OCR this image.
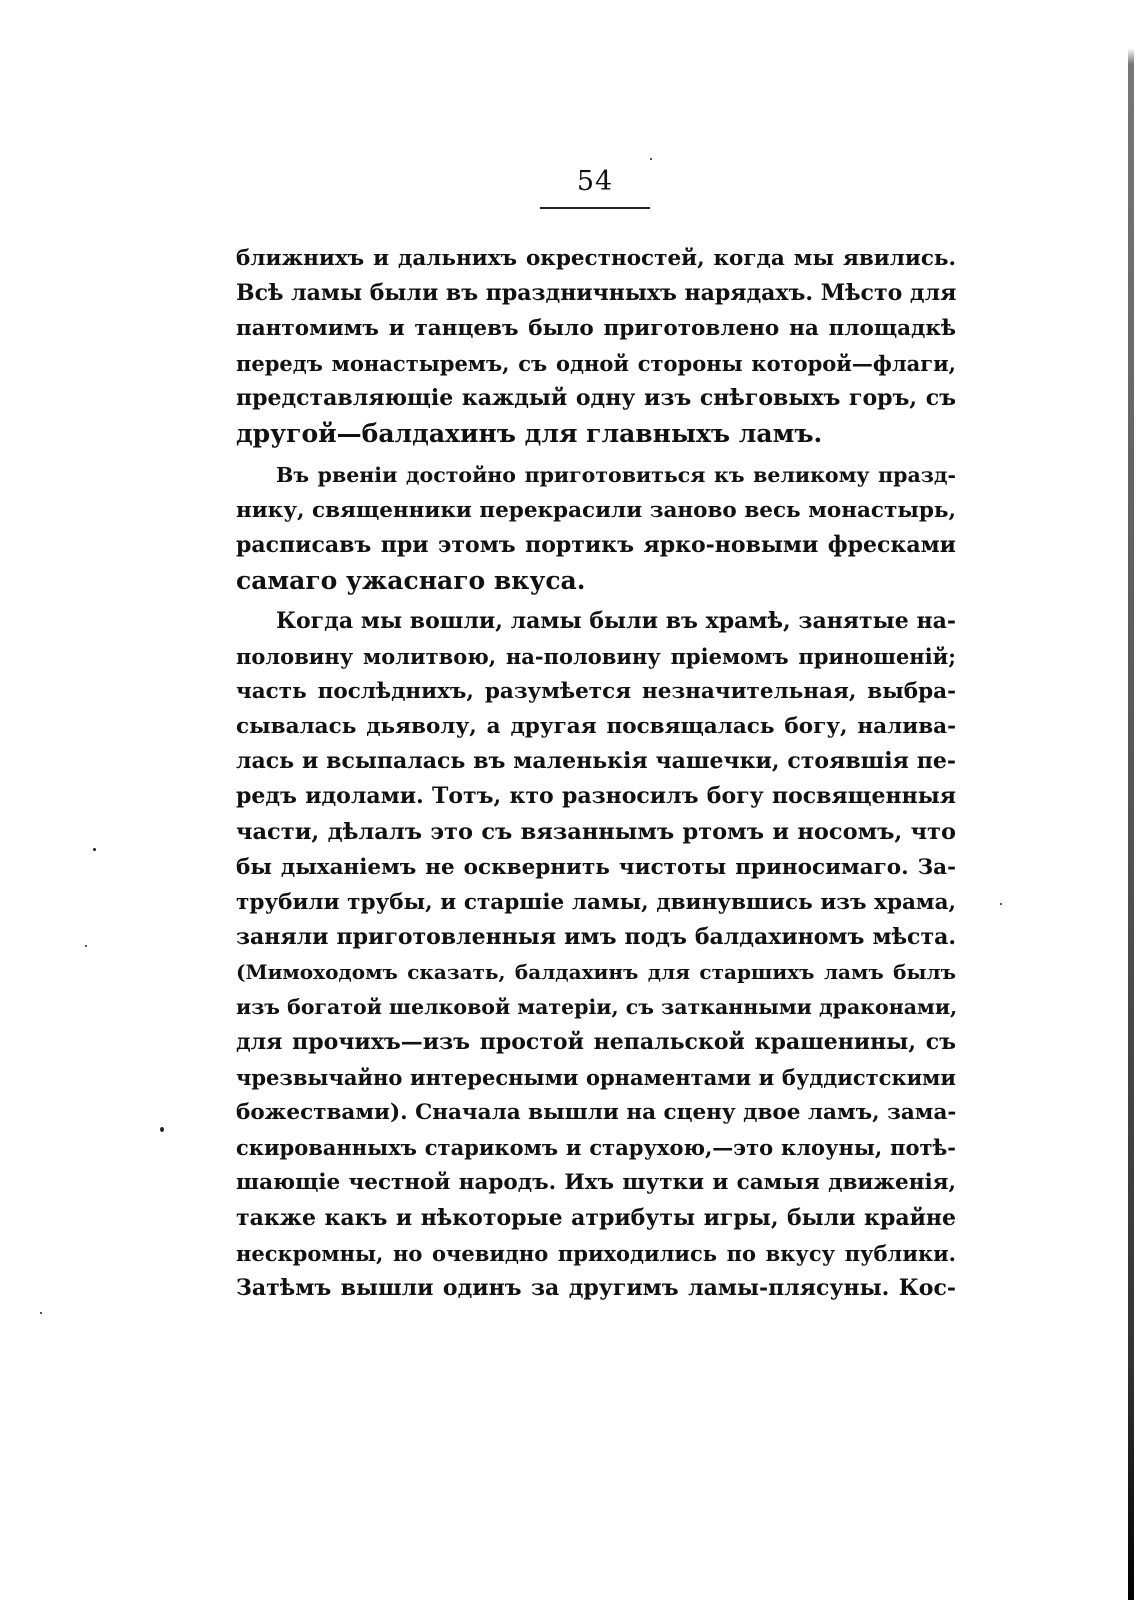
54
ближнихъ и дальнихъ окрестностей, когда мы явились.
Всѣ ламы были въ праздничныхъ нарядахъ. Мѣсто для
пантомимъ и танцевъ было приготовлено на площадкѣ
передъ монастыремъ, съ одной стороны которой—флаги,
представляющіе каждый одну изъ снѣговыхъ горъ, съ
другой—балдахинъ для главныхъ ламъ.
Въ рвеніи достойно приготовиться къ великому празд-
нику, священники перекрасили заново весь монастырь,
расписавъ при этомъ портикъ ярко-новыми фресками
самаго ужаснаго вкуса.
Когда мы вошли, ламы были въ храмѣ, занятые на-
половину молитвою, на-половину пріемомъ приношеній;
часть послѣднихъ, разумѣется незначительная, выбра-
сывалась дьяволу, а другая посвящалась богу, налива-
лась и всыпалась въ маленькія чашечки, стоявшія пе-
редъ идолами. Тотъ, кто разносилъ богу посвященныя
части, дѣлалъ это съ вязаннымъ ртомъ и носомъ, что
бы дыханіемъ не осквернить чистоты приносимаго. За-
трубили трубы, и старшіе ламы, двинувшись изъ храма,
заняли приготовленныя имъ подъ балдахиномъ мѣста.
(Мимоходомъ сказать, балдахинъ для старшихъ ламъ былъ
изъ богатой шелковой матеріи, съ затканными драконами,
для прочихъ—изъ простой непальской крашенины, съ
чрезвычайно интересными орнаментами и буддистскими
божествами). Сначала вышли на сцену двое ламъ, зама-
скированныхъ старикомъ и старухою,—это клоуны, потѣ-
шающіе честной народъ. Ихъ шутки и самыя движенія,
также какъ и нѣкоторые атрибуты игры, были крайне
нескромны, но очевидно приходились по вкусу публики.
Затѣмъ вышли одинъ за другимъ ламы-плясуны. Кос-
